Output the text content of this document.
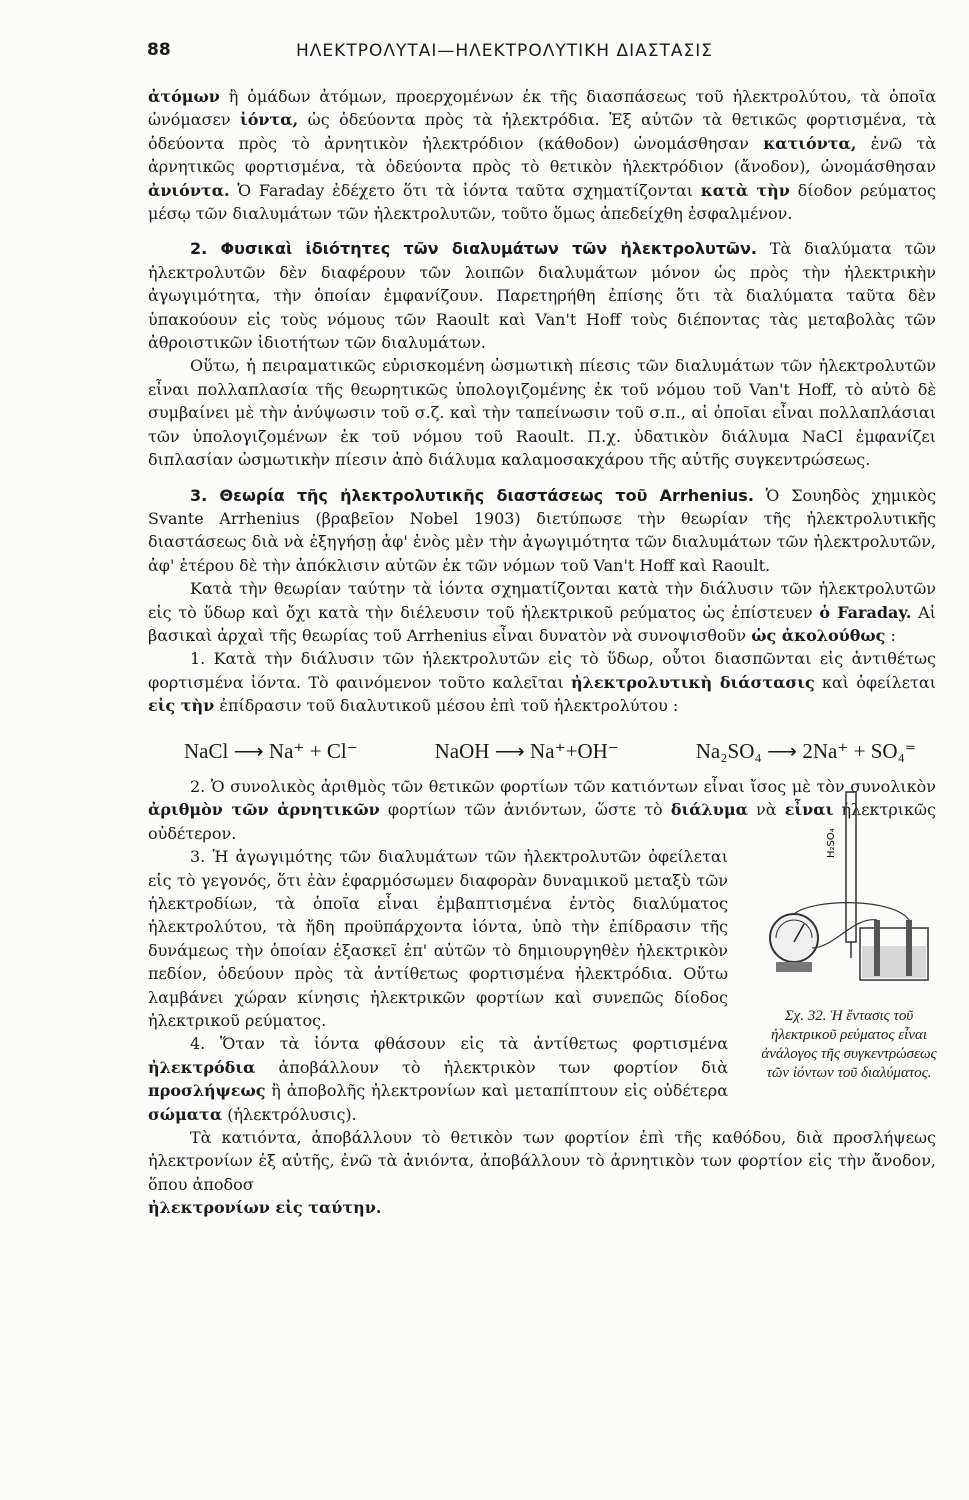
88	ΗΛΕΚΤΡΟΛΥΤΑΙ—ΗΛΕΚΤΡΟΛΥΤΙΚΗ ΔΙΑΣΤΑΣΙΣ

ἀτόμων ἢ ὁμάδων ἀτόμων, προερχομένων ἐκ τῆς διασπάσεως τοῦ ἠλεκτρολύτου, τὰ ὁποῖα ὠνόμασεν ἰόντα, ὡς ὁδεύοντα πρὸς τὰ ἠλεκτρόδια. Ἐξ αὐτῶν τὰ θετικῶς φορτισμένα, τὰ ὁδεύοντα πρὸς τὸ ἀρνητικὸν ἠλεκτρόδιον (κάθοδον) ὠνομάσθησαν κατιόντα, ἐνῶ τὰ ἀρνητικῶς φορτισμένα, τὰ ὁδεύοντα πρὸς τὸ θετικὸν ἠλεκτρόδιον (ἄνοδον), ὠνομάσθησαν ἀνιόντα. Ὁ Faraday ἐδέχετο ὅτι τὰ ἰόντα ταῦτα σχηματίζονται κατὰ τὴν δίοδον ρεύματος μέσῳ τῶν διαλυμάτων τῶν ἠλεκτρολυτῶν, τοῦτο ὅμως ἀπεδείχθη ἐσφαλμένον.

2. Φυσικαὶ ἰδιότητες τῶν διαλυμάτων τῶν ἠλεκτρολυτῶν. Τὰ διαλύματα τῶν ἠλεκτρολυτῶν δὲν διαφέρουν τῶν λοιπῶν διαλυμάτων μόνον ὡς πρὸς τὴν ἠλεκτρικὴν ἀγωγιμότητα, τὴν ὁποίαν ἐμφανίζουν. Παρετηρήθη ἐπίσης ὅτι τὰ διαλύματα ταῦτα δὲν ὑπακούουν εἰς τοὺς νόμους τῶν Raoult καὶ Van't Hoff τοὺς διέποντας τὰς μεταβολὰς τῶν ἀθροιστικῶν ἰδιοτήτων τῶν διαλυμάτων.

Οὕτω, ἡ πειραματικῶς εὑρισκομένη ὠσμωτικὴ πίεσις τῶν διαλυμάτων τῶν ἠλεκτρολυτῶν εἶναι πολλαπλασία τῆς θεωρητικῶς ὑπολογιζομένης ἐκ τοῦ νόμου τοῦ Van't Hoff, τὸ αὐτὸ δὲ συμβαίνει μὲ τὴν ἀνύψωσιν τοῦ σ.ζ. καὶ τὴν ταπείνωσιν τοῦ σ.π., αἱ ὁποῖαι εἶναι πολλαπλάσιαι τῶν ὑπολογιζομένων ἐκ τοῦ νόμου τοῦ Raoult. Π.χ. ὑδατικὸν διάλυμα NaCl ἐμφανίζει διπλασίαν ὠσμωτικὴν πίεσιν ἀπὸ διάλυμα καλαμοσακχάρου τῆς αὐτῆς συγκεντρώσεως.

3. Θεωρία τῆς ἠλεκτρολυτικῆς διαστάσεως τοῦ Arrhenius. Ὁ Σουηδὸς χημικὸς Svante Arrhenius (βραβεῖον Nobel 1903) διετύπωσε τὴν θεωρίαν τῆς ἠλεκτρολυτικῆς διαστάσεως διὰ νὰ ἐξηγήσῃ ἀφ' ἑνὸς μὲν τὴν ἀγωγιμότητα τῶν διαλυμάτων τῶν ἠλεκτρολυτῶν, ἀφ' ἑτέρου δὲ τὴν ἀπόκλισιν αὐτῶν ἐκ τῶν νόμων τοῦ Van't Hoff καὶ Raoult.

Κατὰ τὴν θεωρίαν ταύτην τὰ ἰόντα σχηματίζονται κατὰ τὴν διάλυσιν τῶν ἠλεκτρολυτῶν εἰς τὸ ὕδωρ καὶ ὄχι κατὰ τὴν διέλευσιν τοῦ ἠλεκτρικοῦ ρεύματος ὡς ἐπίστευεν ὁ Faraday. Αἱ βασικαὶ ἀρχαὶ τῆς θεωρίας τοῦ Arrhenius εἶναι δυνατὸν νὰ συνοψισθοῦν ὡς ἀκολούθως :

1. Κατὰ τὴν διάλυσιν τῶν ἠλεκτρολυτῶν εἰς τὸ ὕδωρ, οὗτοι διασπῶνται εἰς ἀντιθέτως φορτισμένα ἰόντα. Τὸ φαινόμενον τοῦτο καλεῖται ἠλεκτρολυτικὴ διάστασις καὶ ὀφείλεται εἰς τὴν ἐπίδρασιν τοῦ διαλυτικοῦ μέσου ἐπὶ τοῦ ἠλεκτρολύτου :

NaCl ⟶ Na⁺ + Cl⁻	NaOH ⟶ Na⁺+OH⁻	Na₂SO₄ ⟶ 2Na⁺ + SO₄⁼

2. Ὁ συνολικὸς ἀριθμὸς τῶν θετικῶν φορτίων τῶν κατιόντων εἶναι ἴσος μὲ τὸν συνολικὸν ἀριθμὸν τῶν ἀρνητικῶν φορτίων τῶν ἀνιόντων, ὥστε τὸ διάλυμα νὰ εἶναι ἠλεκτρικῶς οὐδέτερον.

3. Ἡ ἀγωγιμότης τῶν διαλυμάτων τῶν ἠλεκτρολυτῶν ὀφείλεται εἰς τὸ γεγονός, ὅτι ἐὰν ἐφαρμόσωμεν διαφορὰν δυναμικοῦ μεταξὺ τῶν ἠλεκτροδίων, τὰ ὁποῖα εἶναι ἐμβαπτισμένα ἐντὸς διαλύματος ἠλεκτρολύτου, τὰ ἤδη προϋπάρχοντα ἰόντα, ὑπὸ τὴν ἐπίδρασιν τῆς δυνάμεως τὴν ὁποίαν ἐξασκεῖ ἐπ' αὐτῶν τὸ δημιουργηθὲν ἠλεκτρικὸν πεδίον, ὁδεύουν πρὸς τὰ ἀντίθετως φορτισμένα ἠλεκτρόδια. Οὕτω λαμβάνει χώραν κίνησις ἠλεκτρικῶν φορτίων καὶ συνεπῶς δίοδος ἠλεκτρικοῦ ρεύματος.

4. Ὅταν τὰ ἰόντα φθάσουν εἰς τὰ ἀντίθετως φορτισμένα ἠλεκτρόδια ἀποβάλλουν τὸ ἠλεκτρικὸν των φορτίον διὰ προσλήψεως ἢ ἀποβολῆς ἠλεκτρονίων καὶ μεταπίπτουν εἰς οὐδέτερα σώματα (ἠλεκτρόλυσις).

Τὰ κατιόντα, ἀποβάλλουν τὸ θετικὸν των φορτίον ἐπὶ τῆς καθόδου, διὰ προσλήψεως ἠλεκτρονίων ἐξ αὐτῆς, ἐνῶ τὰ ἀνιόντα, ἀποβάλλουν τὸ ἀρνητικὸν των φορτίον εἰς τὴν ἄνοδον, ὅπου ἀποδοσ
ἠλεκτρονίων εἰς ταύτην.

H₂SO₄
Σχ. 32. Ἡ ἔντασις τοῦ ἠλεκτρικοῦ ρεύματος εἶναι ἀνάλογος τῆς συγκεντρώσεως τῶν ἰόντων τοῦ διαλύματος.
